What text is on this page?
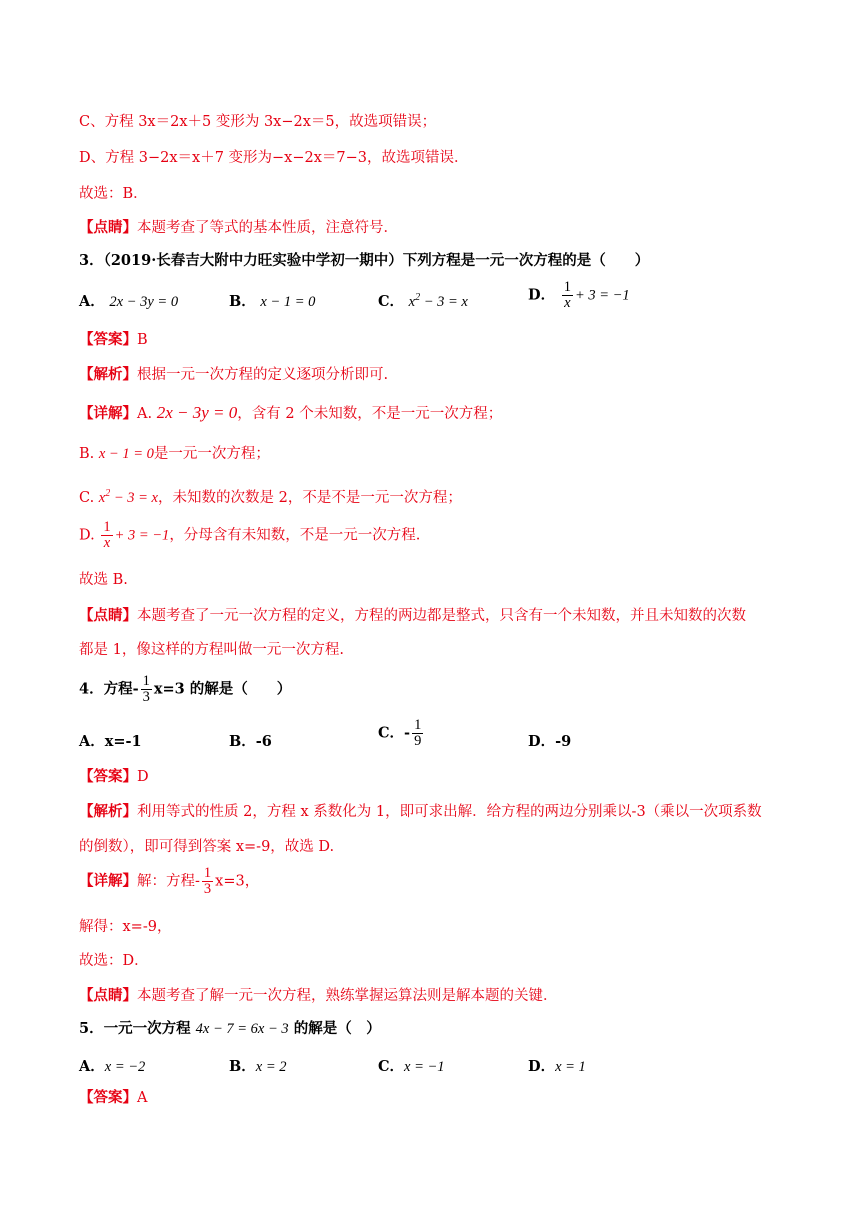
C、方程 3x＝2x＋5 变形为 3x−2x＝5，故选项错误；
D、方程 3−2x＝x＋7 变形为−x−2x＝7−3，故选项错误．
故选：B．
【点睛】本题考查了等式的基本性质，注意符号．
3．（2019·长春吉大附中力旺实验中学初一期中）下列方程是一元一次方程的是（　　）
A． 2x − 3y = 0	B． x − 1 = 0	C． $x^2 - 3 = x$	D． $\frac{1}{x} + 3 = -1$
【答案】B
【解析】根据一元一次方程的定义逐项分析即可.
【详解】A. 2x − 3y = 0，含有 2 个未知数，不是一元一次方程；
B. x − 1 = 0是一元一次方程；
C. $x^2 - 3 = x$，未知数的次数是 2，不是不是一元一次方程；
D. $\frac{1}{x} + 3 = -1$，分母含有未知数，不是一元一次方程.
故选 B.
【点睛】本题考查了一元一次方程的定义，方程的两边都是整式，只含有一个未知数，并且未知数的次数
都是 1，像这样的方程叫做一元一次方程.
4．方程- $\frac{1}{3} x=3$ 的解是（　　）
A．x=-1	B．-6	C．- $\frac{1}{9}$	D．-9
【答案】D
【解析】利用等式的性质 2，方程 x 系数化为 1，即可求出解．给方程的两边分别乘以-3（乘以一次项系数
的倒数），即可得到答案 x=-9，故选 D.
【详解】解：方程- $\frac{1}{3} x=3$，
解得：x=-9，
故选：D．
【点睛】本题考查了解一元一次方程，熟练掌握运算法则是解本题的关键．
5．一元一次方程 4x − 7 = 6x − 3 的解是（　）
A．x = −2	B．x = 2	C．x = −1	D．x = 1
【答案】A
